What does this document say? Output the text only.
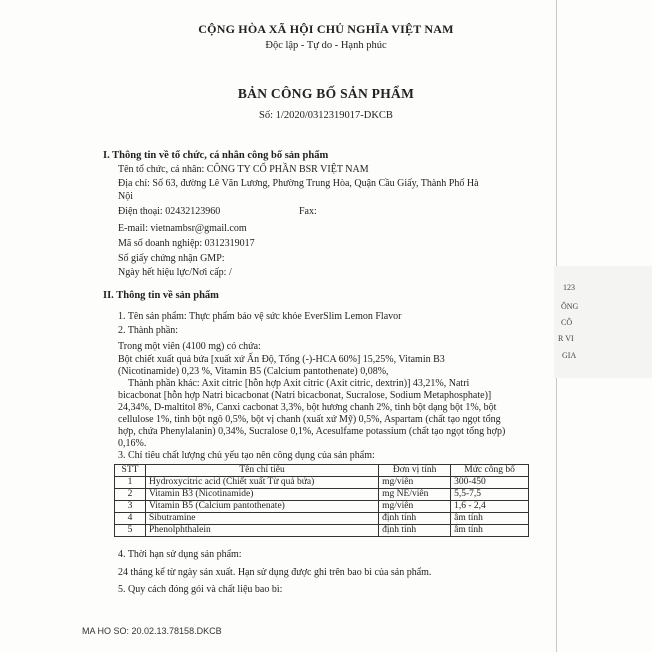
123
ÔNG
CÔ
R VI
GIA
CỘNG HÒA XÃ HỘI CHỦ NGHĨA VIỆT NAM
Độc lập - Tự do - Hạnh phúc
BẢN CÔNG BỐ SẢN PHẨM
Số: 1/2020/0312319017-DKCB
I. Thông tin về tổ chức, cá nhân công bố sản phẩm
Tên tổ chức, cá nhân: CÔNG TY CỔ PHẦN BSR VIỆT NAM
Địa chỉ: Số 63, đường Lê Văn Lương, Phường Trung Hòa, Quận Cầu Giấy, Thành Phố Hà
Nội
Điện thoại: 02432123960	Fax:
E-mail: vietnambsr@gmail.com
Mã số doanh nghiệp: 0312319017
Số giấy chứng nhận GMP:
Ngày hết hiệu lực/Nơi cấp: /
II. Thông tin về sản phẩm
1. Tên sản phẩm: Thực phẩm bảo vệ sức khỏe EverSlim Lemon Flavor
2. Thành phần:
Trong một viên (4100 mg) có chứa:
Bột chiết xuất quả bứa [xuất xứ Ấn Độ, Tổng (-)-HCA 60%] 15,25%, Vitamin B3
(Nicotinamide) 0,23 %, Vitamin B5 (Calcium pantothenate) 0,08%,
Thành phần khác: Axit citric [hỗn hợp Axit citric (Axit citric, dextrin)] 43,21%, Natri
bicacbonat [hỗn hợp Natri bicacbonat (Natri bicacbonat, Sucralose, Sodium Metaphosphate)]
24,34%, D-maltitol 8%, Canxi cacbonat 3,3%, bột hương chanh 2%, tinh bột dạng bột 1%, bột
cellulose 1%, tinh bột ngô 0,5%, bột vị chanh (xuất xứ Mỹ) 0,5%, Aspartam (chất tạo ngọt tổng
hợp, chứa Phenylalanin) 0,34%, Sucralose 0,1%, Acesulfame potassium (chất tạo ngọt tổng hợp)
0,16%.
3. Chỉ tiêu chất lượng chủ yếu tạo nên công dụng của sản phẩm:
STT	Tên chỉ tiêu	Đơn vị tính	Mức công bố
1	Hydroxycitric acid (Chiết xuất Từ quả bứa)	mg/viên	300-450
2	Vitamin B3 (Nicotinamide)	mg NE/viên	5,5-7,5
3	Vitamin B5 (Calcium pantothenate)	mg/viên	1,6 - 2,4
4	Sibutramine	định tính	âm tính
5	Phenolphthalein	định tính	âm tính
4. Thời hạn sử dụng sản phẩm:
24 tháng kể từ ngày sản xuất. Hạn sử dụng được ghi trên bao bì của sản phẩm.
5. Quy cách đóng gói và chất liệu bao bì:
MA HO SO: 20.02.13.78158.DKCB
